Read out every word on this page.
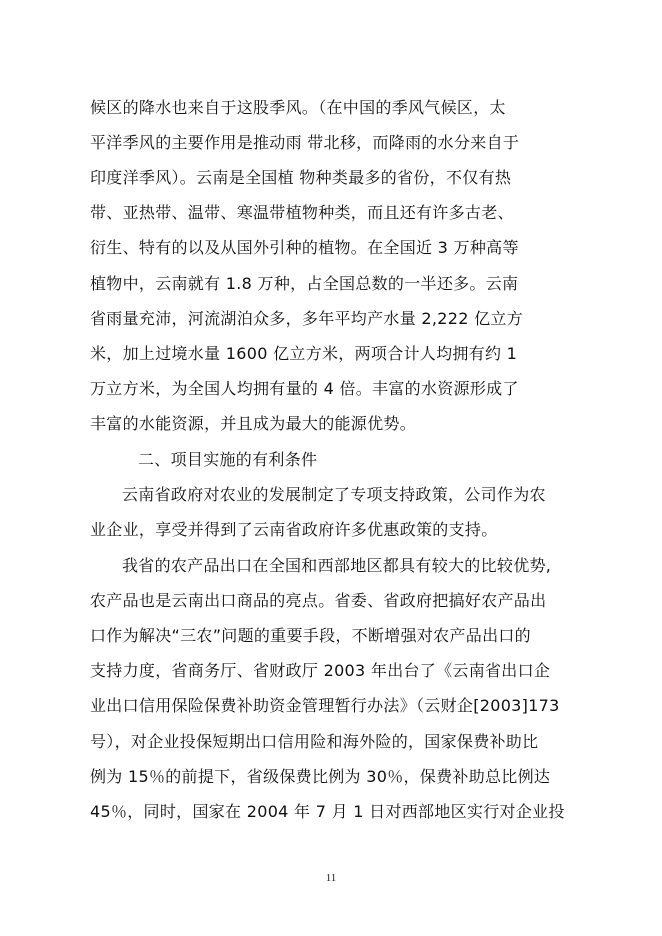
候区的降水也来自于这股季风。（在中国的季风气候区，太
平洋季风的主要作用是推动雨 带北移，而降雨的水分来自于
印度洋季风）。云南是全国植 物种类最多的省份，不仅有热
带、亚热带、温带、寒温带植物种类，而且还有许多古老、
衍生、特有的以及从国外引种的植物。在全国近 3 万种高等
植物中，云南就有 1.8 万种，占全国总数的一半还多。云南
省雨量充沛，河流湖泊众多，多年平均产水量 2,222 亿立方
米，加上过境水量 1600 亿立方米，两项合计人均拥有约 1
万立方米，为全国人均拥有量的 4 倍。丰富的水资源形成了
丰富的水能资源，并且成为最大的能源优势。
二、项目实施的有利条件
云南省政府对农业的发展制定了专项支持政策，公司作为农
业企业，享受并得到了云南省政府许多优惠政策的支持。
我省的农产品出口在全国和西部地区都具有较大的比较优势,
农产品也是云南出口商品的亮点。省委、省政府把搞好农产品出
口作为解决“三农”问题的重要手段，不断增强对农产品出口的
支持力度，省商务厅、省财政厅 2003 年出台了《云南省出口企
业出口信用保险保费补助资金管理暂行办法》（云财企[2003]173
号），对企业投保短期出口信用险和海外险的，国家保费补助比
例为 15％的前提下，省级保费比例为 30％，保费补助总比例达
45％，同时，国家在 2004 年 7 月 1 日对西部地区实行对企业投
11
